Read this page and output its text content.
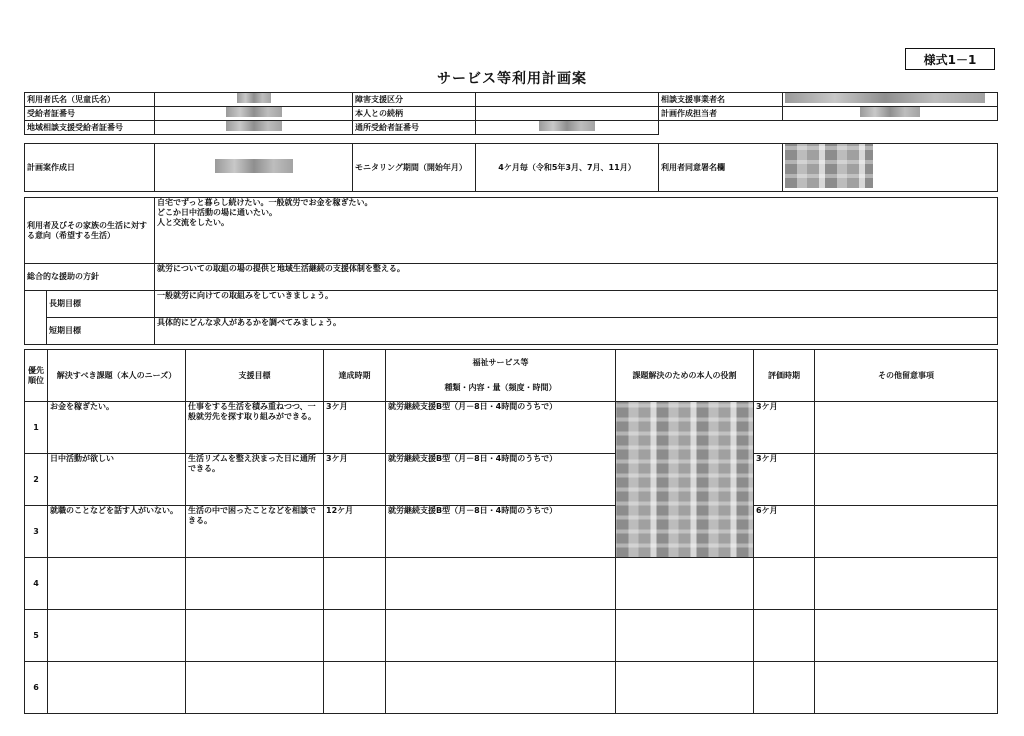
様式1－1
サービス等利用計画案
利用者氏名（児童氏名）		障害支援区分		相談支援事業者名	
受給者証番号		本人との続柄		計画作成担当者	
地域相談支援受給者証番号		通所受給者証番号			
計画案作成日		モニタリング期間（開始年月）	4ケ月毎（令和5年3月、7月、11月）	利用者同意署名欄	
利用者及びその家族の生活に対する意向（希望する生活）		自宅でずっと暮らし続けたい。一般就労でお金を稼ぎたい。
どこか日中活動の場に通いたい。
人と交流をしたい。

総合的な援助の方針		就労についての取組の場の提供と地域生活継続の支援体制を整える。
	長期目標	一般就労に向けての取組みをしていきましょう。
	短期目標	具体的にどんな求人があるかを調べてみましょう。
優先順位	解決すべき課題（本人のニーズ）	支援目標	達成時期	福祉サービス等	課題解決のための本人の役割	評価時期	その他留意事項
				種類・内容・量（頻度・時間）			
1	お金を稼ぎたい。	仕事をする生活を積み重ねつつ、一般就労先を探す取り組みができる。	3ケ月	就労継続支援B型（月－8日・4時間のうちで）		3ケ月	
2	日中活動が欲しい	生活リズムを整え決まった日に通所できる。	3ケ月	就労継続支援B型（月－8日・4時間のうちで）		3ケ月	
3	就職のことなどを話す人がいない。	生活の中で困ったことなどを相談できる。	12ケ月	就労継続支援B型（月－8日・4時間のうちで）		6ケ月	
4							
5							
6							
